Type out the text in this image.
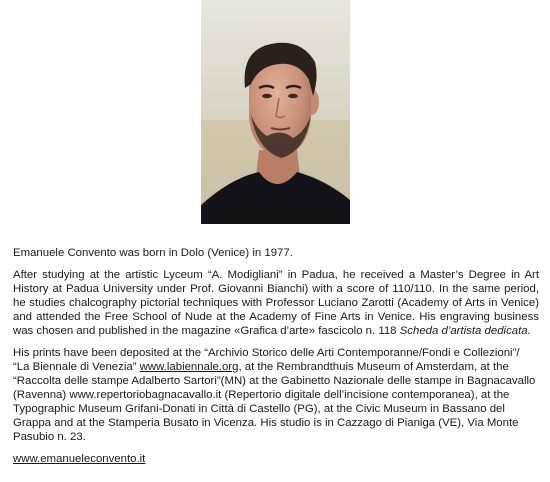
Emanuele Convento was born in Dolo (Venice) in 1977.

After studying at the artistic Lyceum “A. Modigliani” in Padua, he received a Master’s Degree in Art History at Padua University under Prof. Giovanni Bianchi) with a score of 110/110. In the same period, he studies chalcography pictorial techniques with Professor Luciano Zarotti (Academy of Arts in Venice) and attended the Free School of Nude at the Academy of Fine Arts in Venice. His engraving business was chosen and published in the magazine «Grafica d’arte» fascicolo n. 118 Scheda d’artista dedicata.

His prints have been deposited at the “Archivio Storico delle Arti Contemporanne/Fondi e Collezioni”/ “La Biennale di Venezia” www.labiennale.org, at the Rembrandthuis Museum of Amsterdam, at the “Raccolta delle stampe Adalberto Sartori”(MN) at the Gabinetto Nazionale delle stampe in Bagnacavallo (Ravenna) www.repertoriobagnacavallo.it (Repertorio digitale dell’incisione contemporanea), at the Typographic Museum Grifani-Donati in Città di Castello (PG), at the Civic Museum in Bassano del Grappa and at the Stamperia Busato in Vicenza. His studio is in Cazzago di Pianiga (VE), Via Monte Pasubio n. 23.

www.emanueleconvento.it
